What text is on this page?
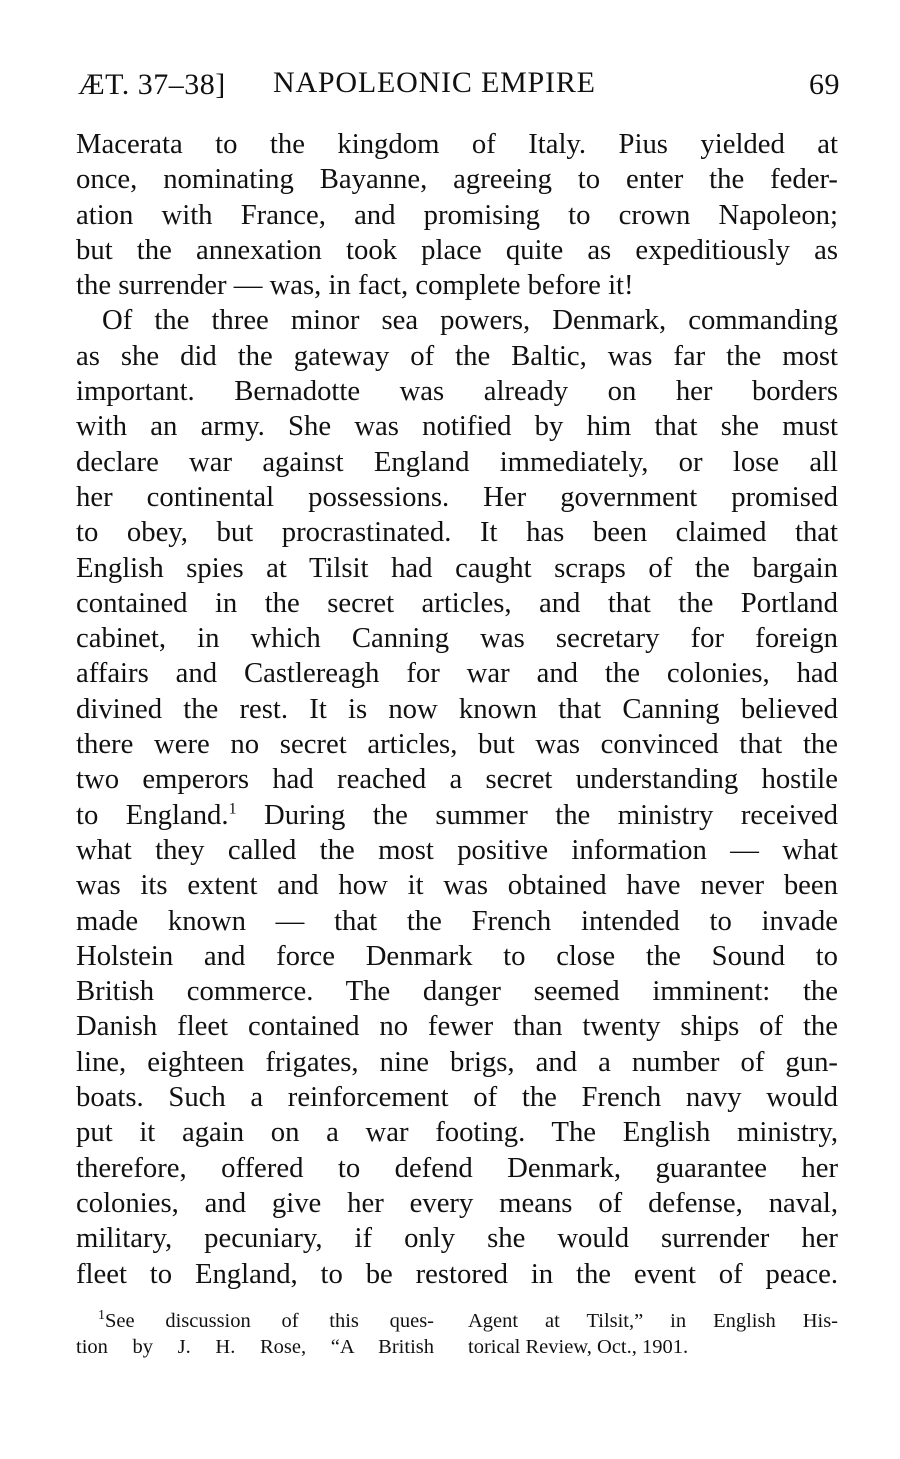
ÆT. 37–38] NAPOLEONIC EMPIRE	69
Macerata to the kingdom of Italy. Pius yielded at
once, nominating Bayanne, agreeing to enter the feder-
ation with France, and promising to crown Napoleon;
but the annexation took place quite as expeditiously as
the surrender — was, in fact, complete before it!
Of the three minor sea powers, Denmark, commanding
as she did the gateway of the Baltic, was far the most
important. Bernadotte was already on her borders
with an army. She was notified by him that she must
declare war against England immediately, or lose all
her continental possessions. Her government promised
to obey, but procrastinated. It has been claimed that
English spies at Tilsit had caught scraps of the bargain
contained in the secret articles, and that the Portland
cabinet, in which Canning was secretary for foreign
affairs and Castlereagh for war and the colonies, had
divined the rest. It is now known that Canning believed
there were no secret articles, but was convinced that the
two emperors had reached a secret understanding hostile
to England.$^1$ During the summer the ministry received
what they called the most positive information — what
was its extent and how it was obtained have never been
made known — that the French intended to invade
Holstein and force Denmark to close the Sound to
British commerce. The danger seemed imminent: the
Danish fleet contained no fewer than twenty ships of the
line, eighteen frigates, nine brigs, and a number of gun-
boats. Such a reinforcement of the French navy would
put it again on a war footing. The English ministry,
therefore, offered to defend Denmark, guarantee her
colonies, and give her every means of defense, naval,
military, pecuniary, if only she would surrender her
fleet to England, to be restored in the event of peace.
$^1$See discussion of this ques-
tion by J. H. Rose, “A British
Agent at Tilsit,” in English His-
torical Review, Oct., 1901.
